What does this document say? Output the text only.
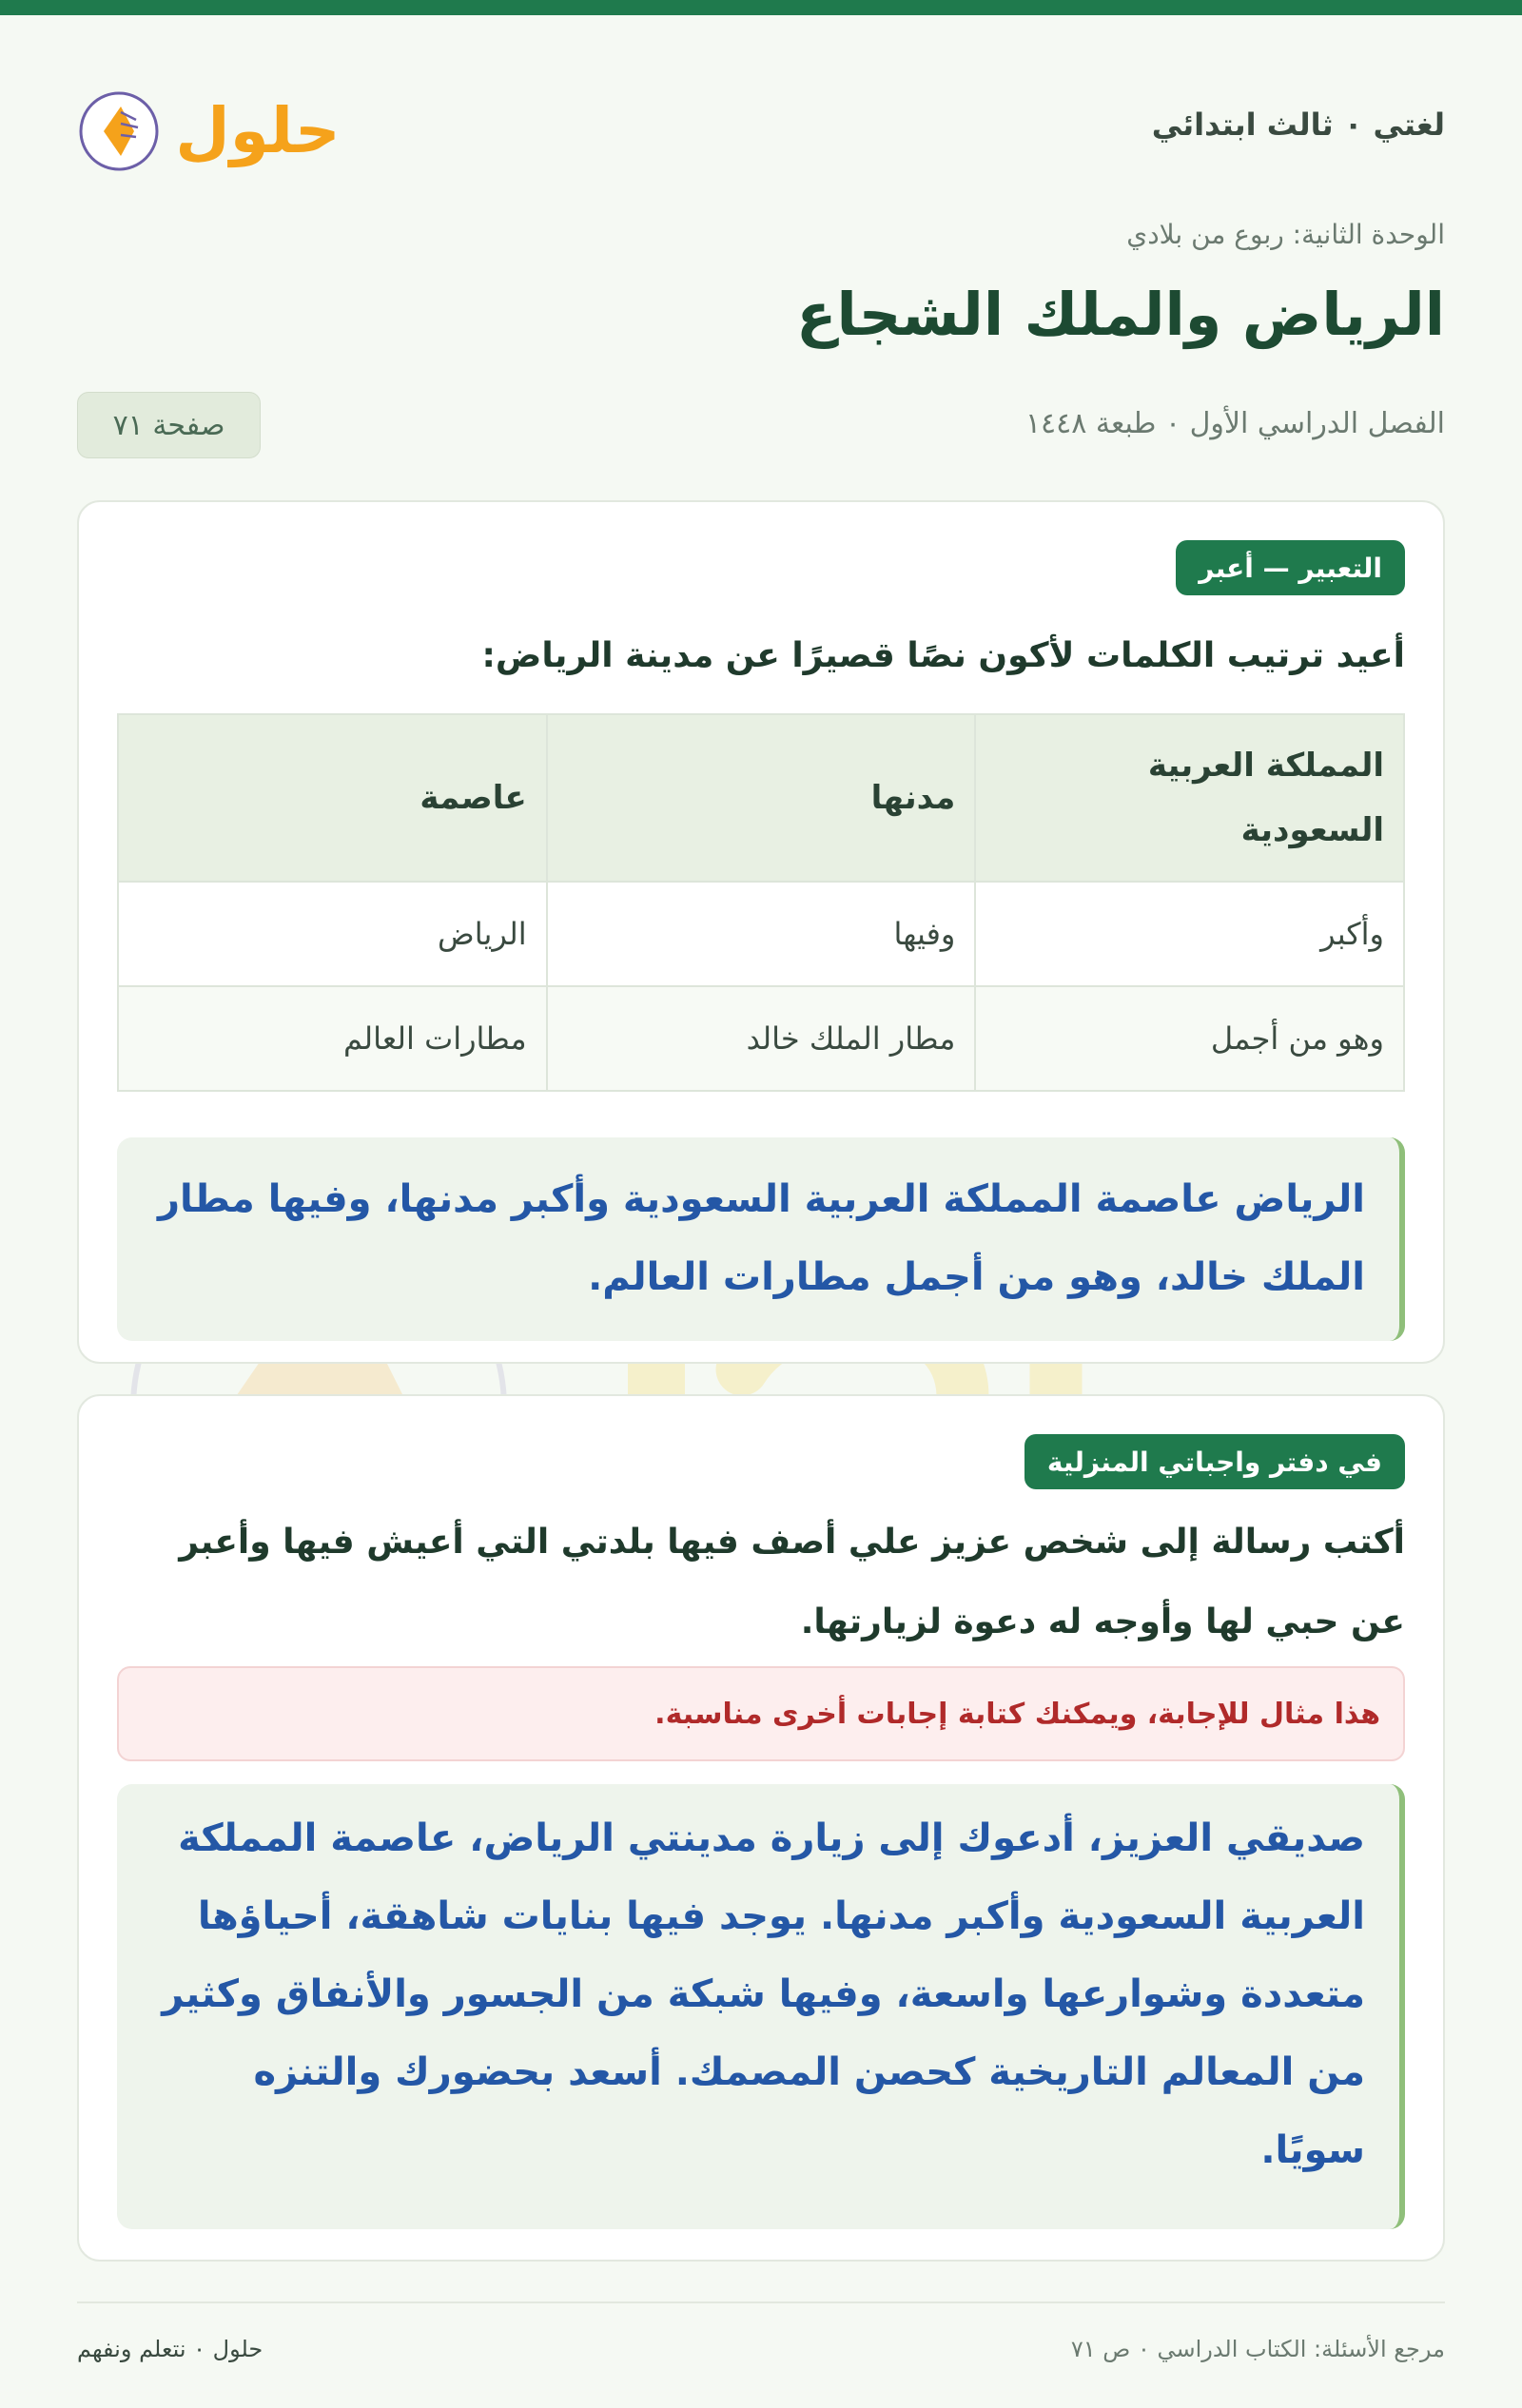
لغتي ٠ ثالث ابتدائي
حلول
الوحدة الثانية: ربوع من بلادي
الرياض والملك الشجاع
الفصل الدراسي الأول ٠ طبعة ١٤٤٨
صفحة ٧١
التعبير — أعبر
أعيد ترتيب الكلمات لأكون نصًا قصيرًا عن مدينة الرياض:
المملكة العربية السعودية	مدنها	عاصمة
وأكبر	وفيها	الرياض
وهو من أجمل	مطار الملك خالد	مطارات العالم
الرياض عاصمة المملكة العربية السعودية وأكبر مدنها، وفيها مطار الملك خالد، وهو من أجمل مطارات العالم.
في دفتر واجباتي المنزلية
أكتب رسالة إلى شخص عزيز علي أصف فيها بلدتي التي أعيش فيها وأعبر عن حبي لها وأوجه له دعوة لزيارتها.
هذا مثال للإجابة، ويمكنك كتابة إجابات أخرى مناسبة.
صديقي العزيز، أدعوك إلى زيارة مدينتي الرياض، عاصمة المملكة العربية السعودية وأكبر مدنها. يوجد فيها بنايات شاهقة، أحياؤها متعددة وشوارعها واسعة، وفيها شبكة من الجسور والأنفاق وكثير من المعالم التاريخية كحصن المصمك. أسعد بحضورك والتنزه سويًا.
مرجع الأسئلة: الكتاب الدراسي ٠ ص ٧١
حلول ٠ نتعلم ونفهم
